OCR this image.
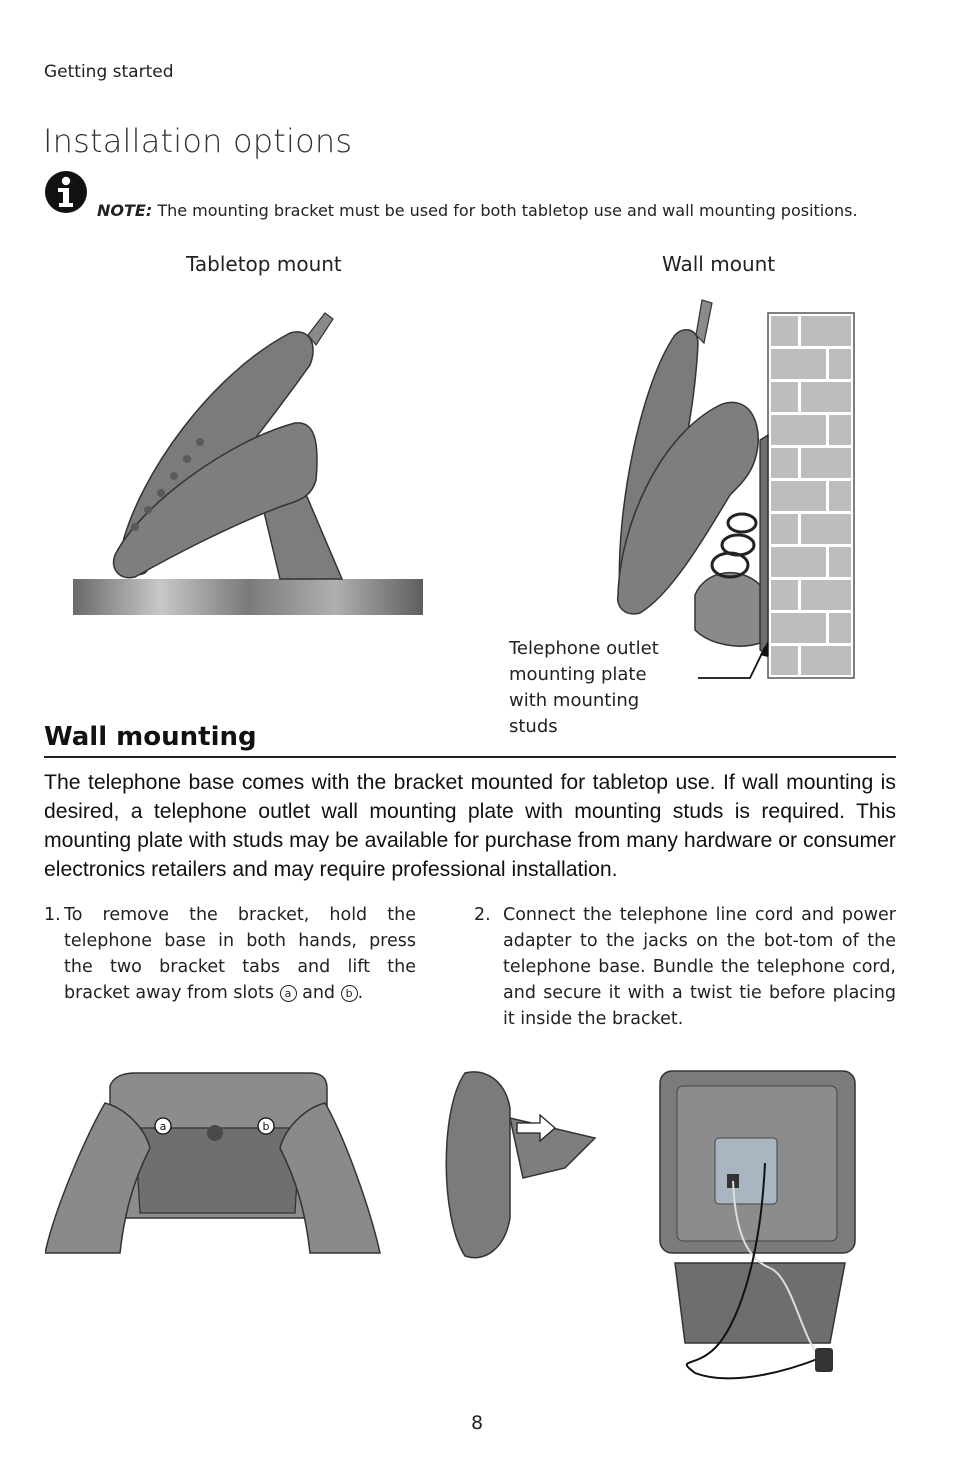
Getting started
Installation options
NOTE: The mounting bracket must be used for both tabletop use and wall mounting positions.
Tabletop mount	Wall mount
Telephone outlet mounting plate with mounting studs
Wall mounting
The telephone base comes with the bracket mounted for tabletop use. If wall mounting is desired, a telephone outlet wall mounting plate with mounting studs is required. This mounting plate with studs may be available for purchase from many hardware or consumer electronics retailers and may require professional installation.
1. To remove the bracket, hold the telephone base in both hands, press the two bracket tabs and lift the bracket away from slots a and b .
2. Connect the telephone line cord and power adapter to the jacks on the bot-tom of the telephone base. Bundle the telephone cord, and secure it with a twist tie before placing it inside the bracket.
a	b
8
